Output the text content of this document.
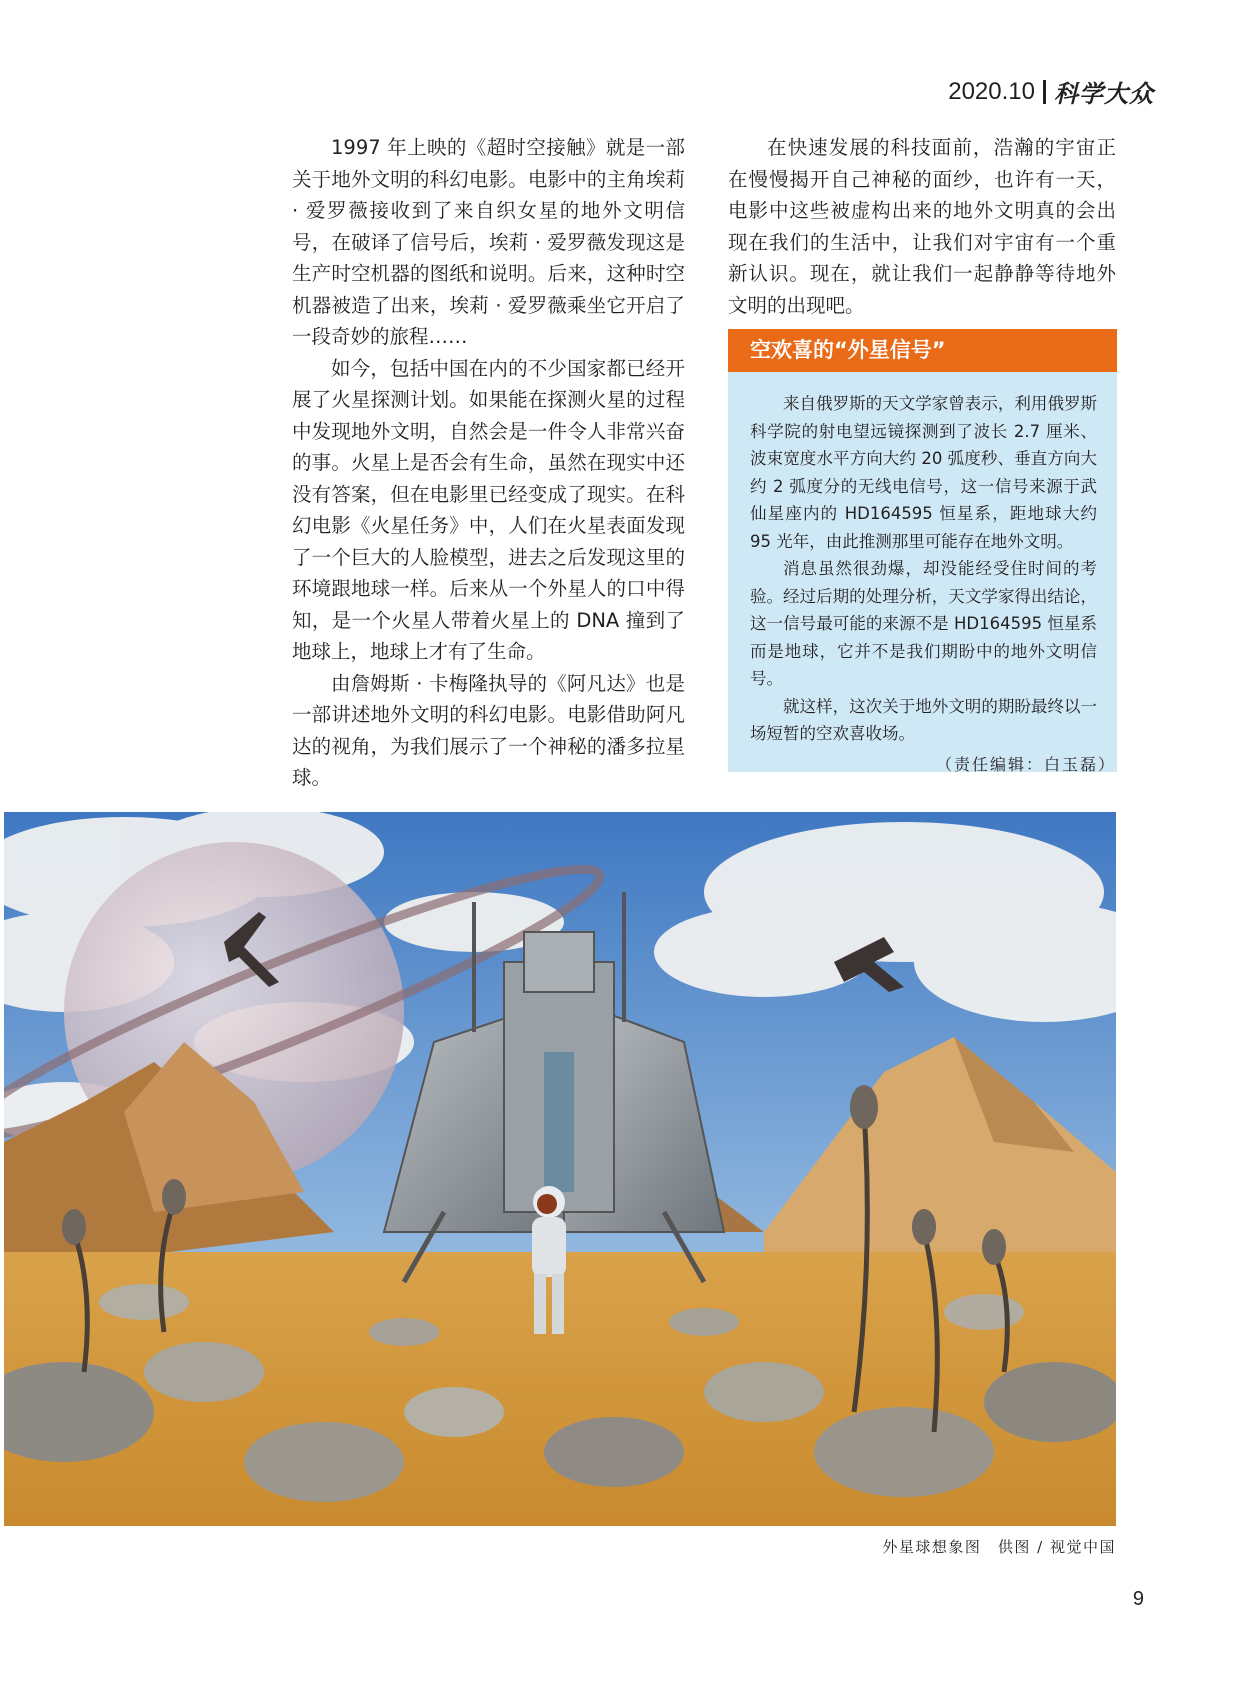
2020.10 科学大众

1997 年上映的《超时空接触》就是一部关于地外文明的科幻电影。电影中的主角埃莉 · 爱罗薇接收到了来自织女星的地外文明信号，在破译了信号后，埃莉 · 爱罗薇发现这是生产时空机器的图纸和说明。后来，这种时空机器被造了出来，埃莉 · 爱罗薇乘坐它开启了一段奇妙的旅程……

如今，包括中国在内的不少国家都已经开展了火星探测计划。如果能在探测火星的过程中发现地外文明，自然会是一件令人非常兴奋的事。火星上是否会有生命，虽然在现实中还没有答案，但在电影里已经变成了现实。在科幻电影《火星任务》中，人们在火星表面发现了一个巨大的人脸模型，进去之后发现这里的环境跟地球一样。后来从一个外星人的口中得知，是一个火星人带着火星上的 DNA 撞到了地球上，地球上才有了生命。

由詹姆斯 · 卡梅隆执导的《阿凡达》也是一部讲述地外文明的科幻电影。电影借助阿凡达的视角，为我们展示了一个神秘的潘多拉星球。

在快速发展的科技面前，浩瀚的宇宙正在慢慢揭开自己神秘的面纱，也许有一天，电影中这些被虚构出来的地外文明真的会出现在我们的生活中，让我们对宇宙有一个重新认识。现在，就让我们一起静静等待地外文明的出现吧。

空欢喜的“外星信号”

来自俄罗斯的天文学家曾表示，利用俄罗斯科学院的射电望远镜探测到了波长 2.7 厘米、波束宽度水平方向大约 20 弧度秒、垂直方向大约 2 弧度分的无线电信号，这一信号来源于武仙星座内的 HD164595 恒星系，距地球大约 95 光年，由此推测那里可能存在地外文明。

消息虽然很劲爆，却没能经受住时间的考验。经过后期的处理分析，天文学家得出结论，这一信号最可能的来源不是 HD164595 恒星系而是地球，它并不是我们期盼中的地外文明信号。

就这样，这次关于地外文明的期盼最终以一场短暂的空欢喜收场。

（责任编辑：白玉磊）
外星球想象图　供图 / 视觉中国
9
